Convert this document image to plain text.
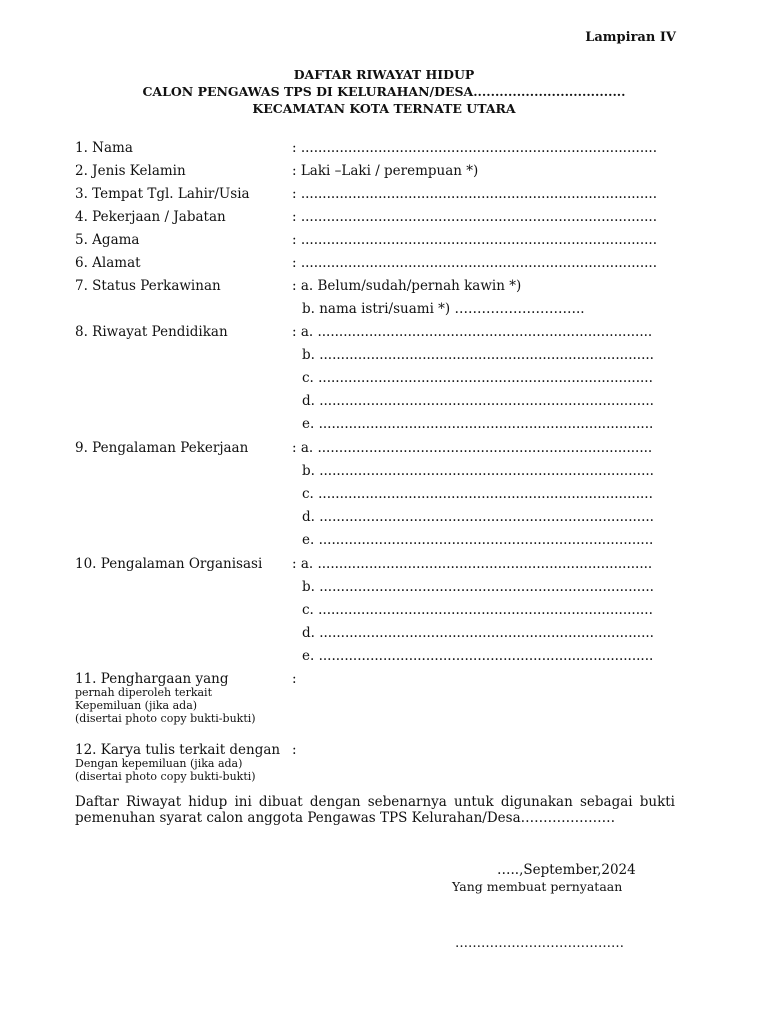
Lampiran IV
DAFTAR RIWAYAT HIDUP
CALON PENGAWAS TPS DI KELURAHAN/DESA...................................
KECAMATAN KOTA TERNATE UTARA
1. Nama	: ...................................................................................
2. Jenis Kelamin	: Laki –Laki / perempuan *)
3. Tempat Tgl. Lahir/Usia	: ...................................................................................
4. Pekerjaan / Jabatan	: ...................................................................................
5. Agama	: ...................................................................................
6. Alamat	: ...................................................................................
7. Status Perkawinan	: a. Belum/sudah/pernah kawin *)
b. nama istri/suami *) ………………………..
8. Riwayat Pendidikan	: a. ..............................................................................
b. ..............................................................................
c. ..............................................................................
d. ..............................................................................
e. ..............................................................................
9. Pengalaman Pekerjaan	: a. ..............................................................................
b. ..............................................................................
c. ..............................................................................
d. ..............................................................................
e. ..............................................................................
10. Pengalaman Organisasi : a. ..............................................................................
b. ..............................................................................
c. ..............................................................................
d. ..............................................................................
e. ..............................................................................
11. Penghargaan yang	:
pernah diperoleh terkait
Kepemiluan (jika ada)
(disertai photo copy bukti-bukti)
12. Karya tulis terkait dengan :
Dengan kepemiluan (jika ada)
(disertai photo copy bukti-bukti)
Daftar Riwayat hidup ini dibuat dengan sebenarnya untuk digunakan sebagai bukti pemenuhan syarat calon anggota Pengawas TPS Kelurahan/Desa…………………
…..,September,2024
Yang membuat pernyataan
…………………………………
